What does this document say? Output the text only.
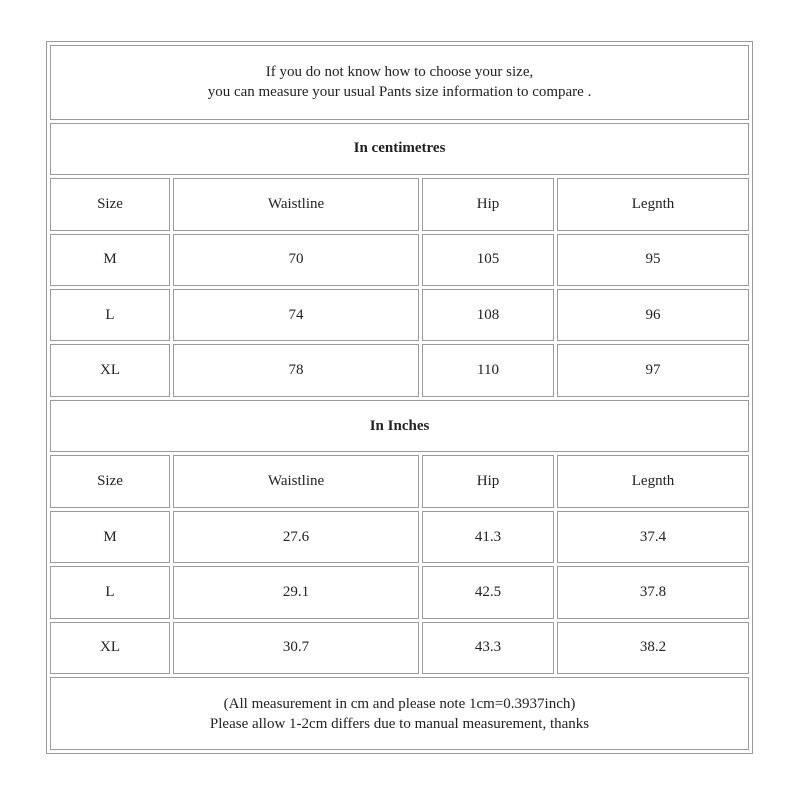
If you do not know how to choose your size,
you can measure your usual Pants size information to compare .			

In centimetres			
Size	Waistline	Hip	Legnth
M	70	105	95
L	74	108	96
XL	78	110	97
In Inches			
Size	Waistline	Hip	Legnth
M	27.6	41.3	37.4
L	29.1	42.5	37.8
XL	30.7	43.3	38.2

(All measurement in cm and please note 1cm=0.3937inch)
Please allow 1-2cm differs due to manual measurement, thanks			
